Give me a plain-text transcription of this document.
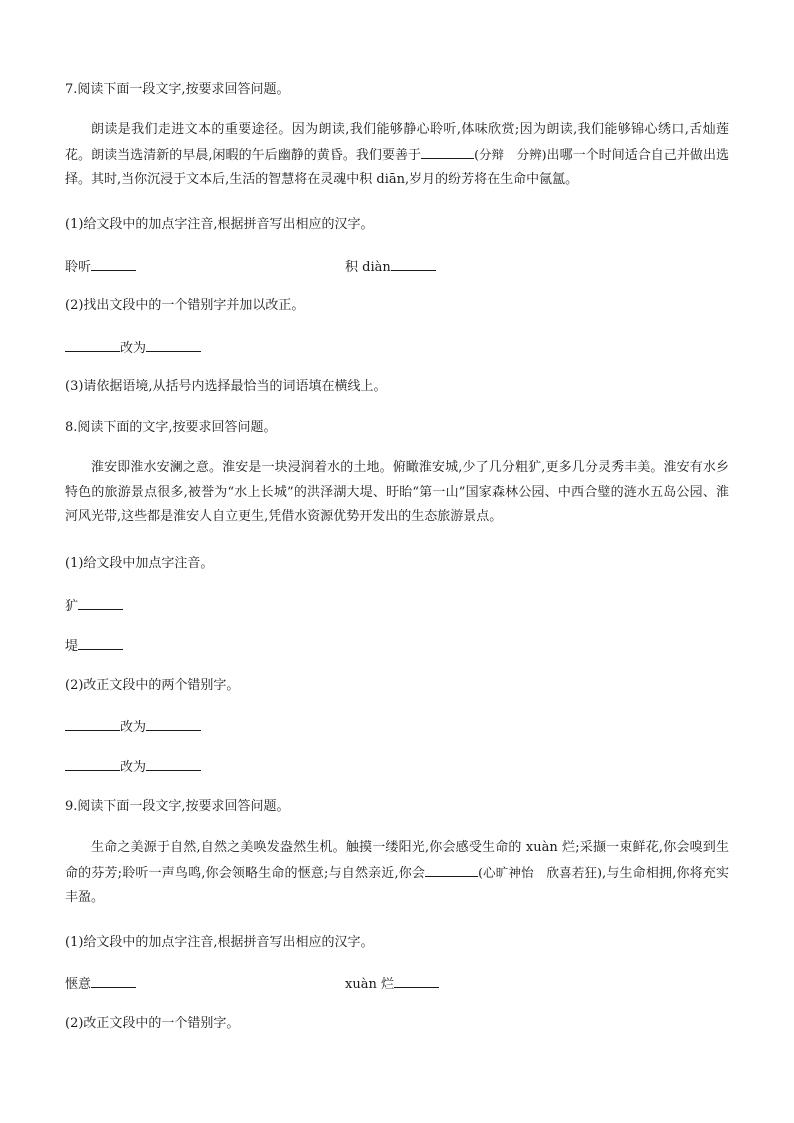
7.阅读下面一段文字,按要求回答问题。
朗读是我们走进文本的重要途径。因为朗读,我们能够静心聆听,体味欣赏;因为朗读,我们能够锦心绣口,舌灿莲花。朗读当选清新的早晨,闲暇的午后幽静的黄昏。我们要善于	(分辩　分辨)出哪一个时间适合自己并做出选择。其时,当你沉浸于文本后,生活的智慧将在灵魂中积 diān,岁月的纷芳将在生命中氤氲。
(1)给文段中的加点字注音,根据拼音写出相应的汉字。
聆听	积 diàn
(2)找出文段中的一个错别字并加以改正。
改为
(3)请依据语境,从括号内选择最恰当的词语填在横线上。
8.阅读下面的文字,按要求回答问题。
淮安即淮水安澜之意。淮安是一块浸润着水的土地。俯瞰淮安城,少了几分粗犷,更多几分灵秀丰美。淮安有水乡特色的旅游景点很多,被誉为“水上长城”的洪泽湖大堤、盱眙“第一山”国家森林公园、中西合璧的涟水五岛公园、淮河风光带,这些都是淮安人自立更生,凭借水资源优势开发出的生态旅游景点。
(1)给文段中加点字注音。
犷
堤
(2)改正文段中的两个错别字。
改为
改为
9.阅读下面一段文字,按要求回答问题。
生命之美源于自然,自然之美唤发盎然生机。触摸一缕阳光,你会感受生命的 xuàn 烂;采撷一束鲜花,你会嗅到生命的芬芳;聆听一声鸟鸣,你会领略生命的惬意;与自然亲近,你会	(心旷神怡　欣喜若狂),与生命相拥,你将充实丰盈。
(1)给文段中的加点字注音,根据拼音写出相应的汉字。
惬意	xuàn 烂
(2)改正文段中的一个错别字。
